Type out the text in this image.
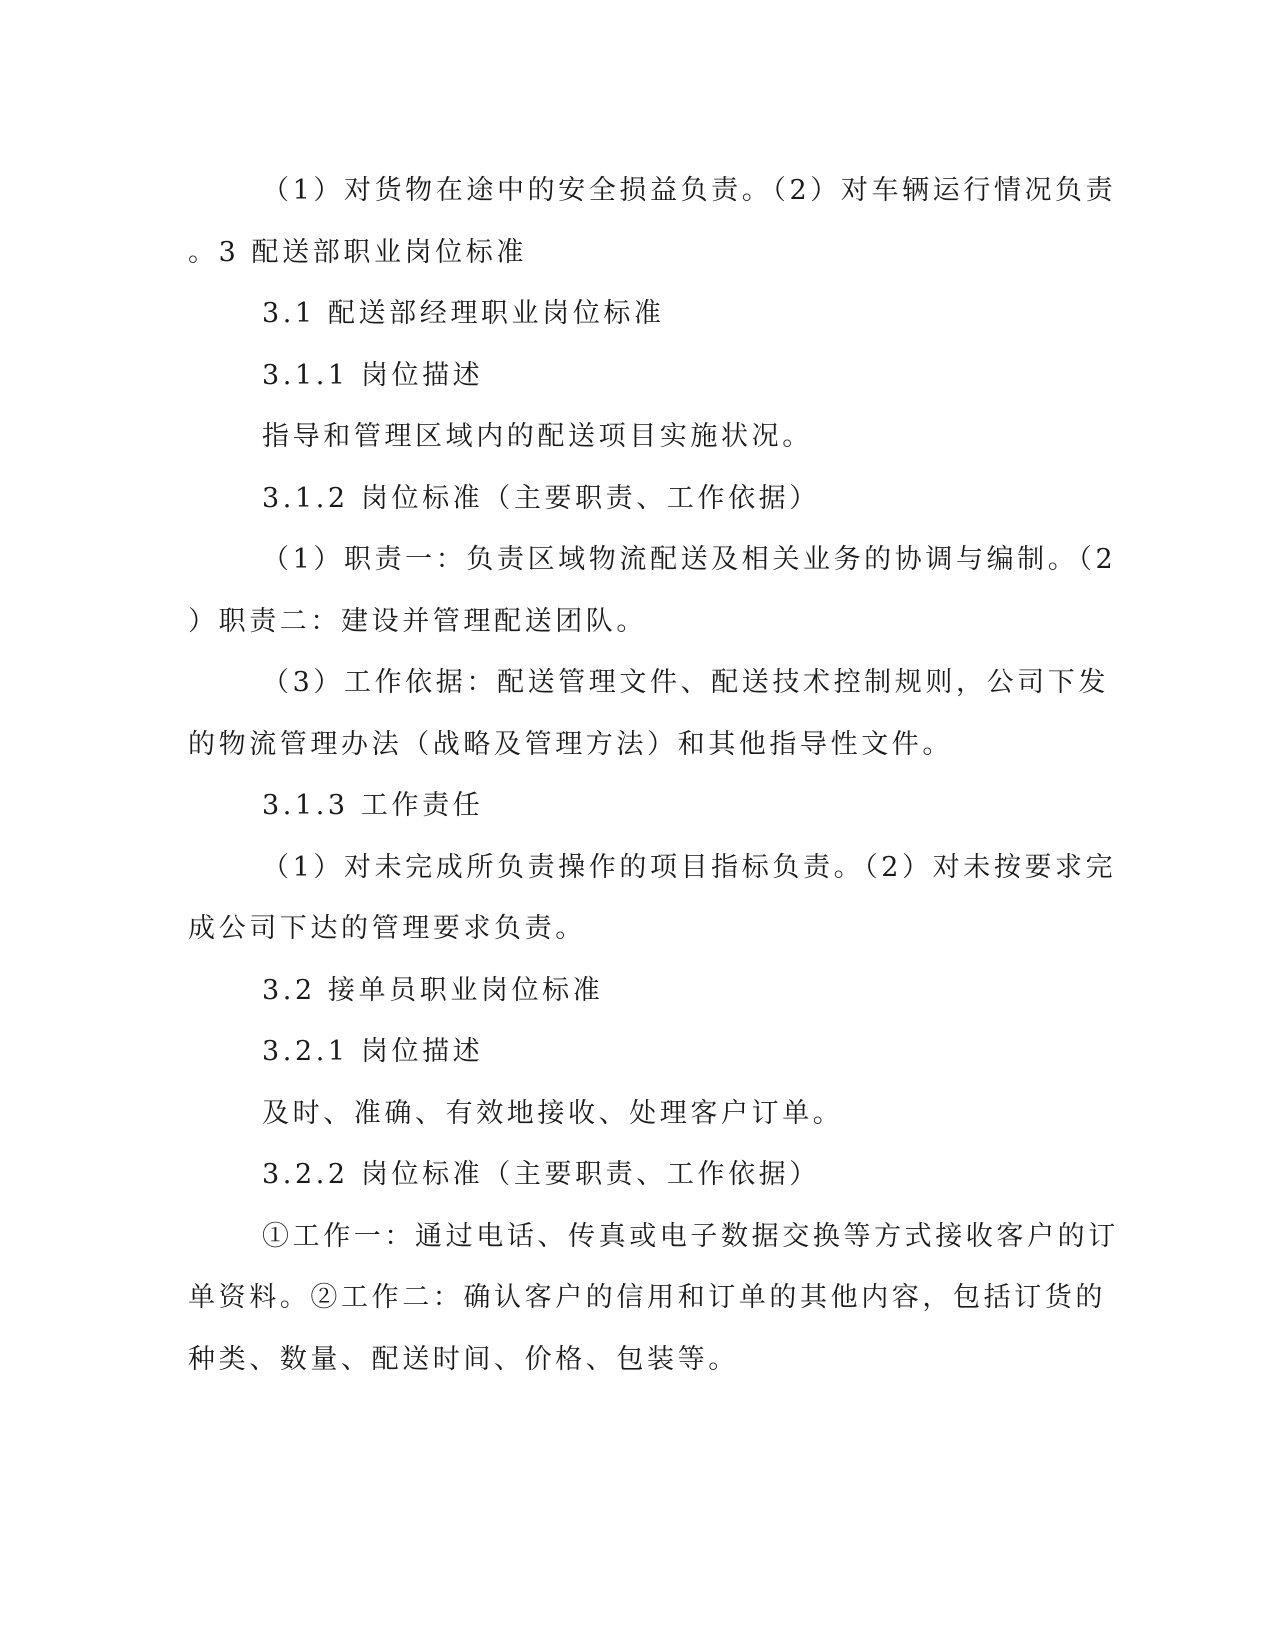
（1）对货物在途中的安全损益负责。（2）对车辆运行情况负责
。3 配送部职业岗位标准
3.1 配送部经理职业岗位标准
3.1.1 岗位描述
指导和管理区域内的配送项目实施状况。
3.1.2 岗位标准（主要职责、工作依据）
（1）职责一：负责区域物流配送及相关业务的协调与编制。（2
）职责二：建设并管理配送团队。
（3）工作依据：配送管理文件、配送技术控制规则，公司下发
的物流管理办法（战略及管理方法）和其他指导性文件。
3.1.3 工作责任
（1）对未完成所负责操作的项目指标负责。（2）对未按要求完
成公司下达的管理要求负责。
3.2 接单员职业岗位标准
3.2.1 岗位描述
及时、准确、有效地接收、处理客户订单。
3.2.2 岗位标准（主要职责、工作依据）
①工作一：通过电话、传真或电子数据交换等方式接收客户的订
单资料。②工作二：确认客户的信用和订单的其他内容，包括订货的
种类、数量、配送时间、价格、包装等。
